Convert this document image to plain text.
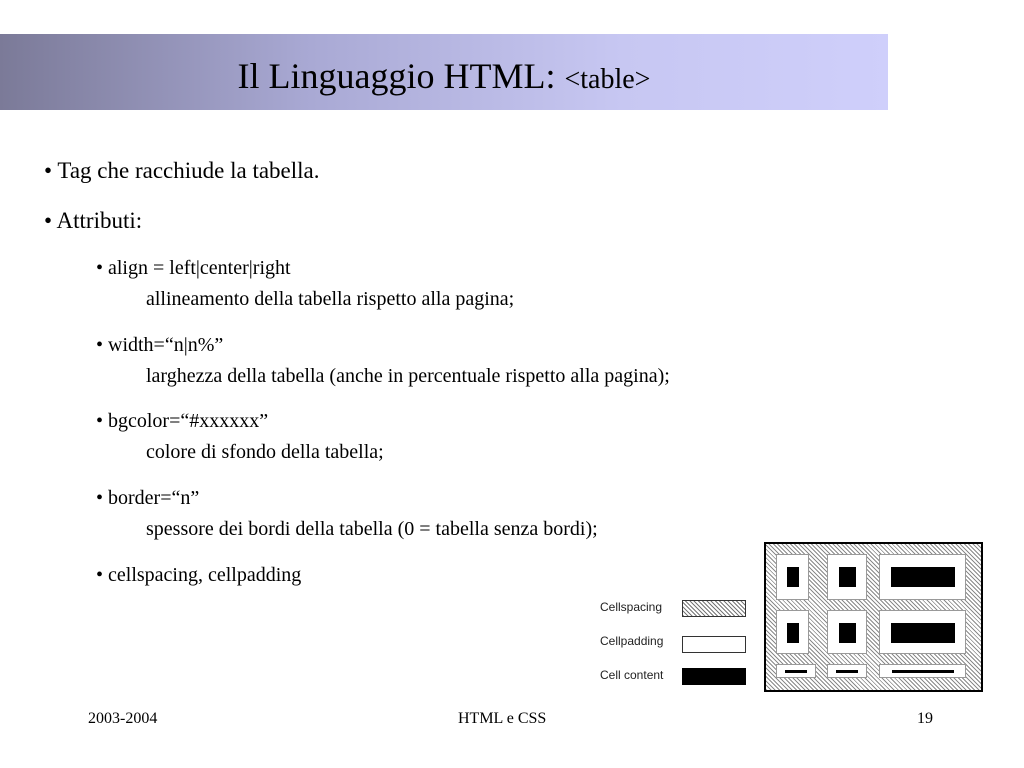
Il Linguaggio HTML: <table>
• Tag che racchiude la tabella.
• Attributi:
• align = left|center|right
allineamento della tabella rispetto alla pagina;
• width=“n|n%”
larghezza della tabella (anche in percentuale rispetto alla pagina);
• bgcolor=“#xxxxxx”
colore di sfondo della tabella;
• border=“n”
spessore dei bordi della tabella (0 = tabella senza bordi);
• cellspacing, cellpadding
Cellspacing
Cellpadding
Cell content
2003-2004	HTML e CSS	19
